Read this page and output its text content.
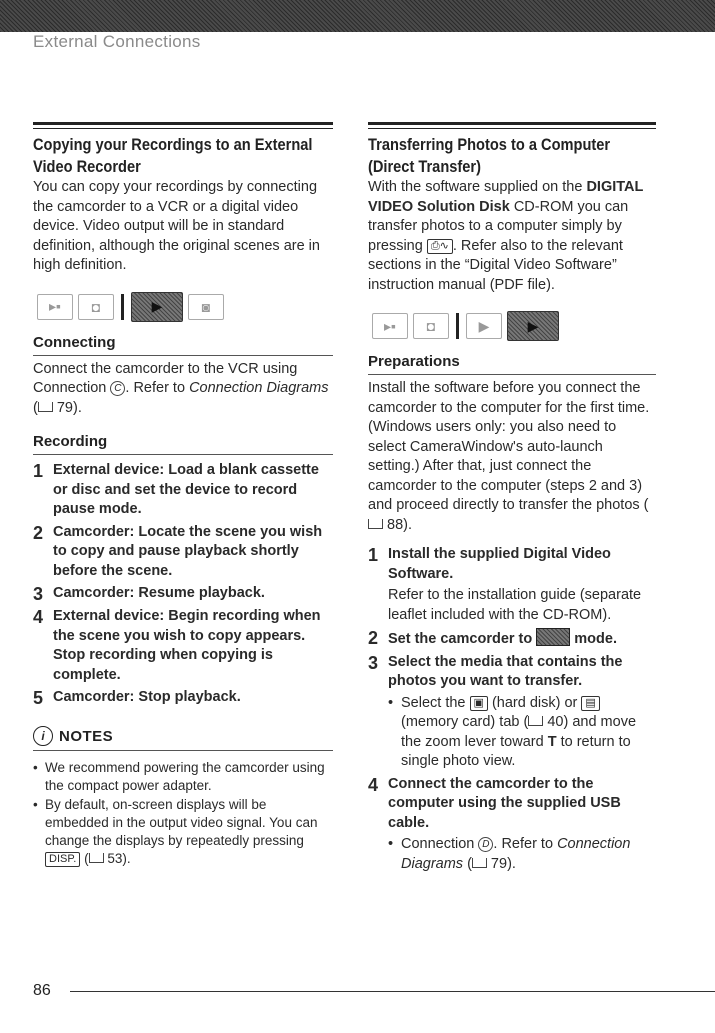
External Connections
Copying your Recordings to an External
Video Recorder

You can copy your recordings by connecting the camcorder to a VCR or a digital video device. Video output will be in standard definition, although the original scenes are in high definition.

▸▪	◘	▶	◙
Connecting

Connect the camcorder to the VCR using Connection C . Refer to Connection Diagrams ( 79).

Recording
1 External device: Load a blank cassette or disc and set the device to record pause mode.
2 Camcorder: Locate the scene you wish to copy and pause playback shortly before the scene.
3 Camcorder: Resume playback.
4 External device: Begin recording when the scene you wish to copy appears. Stop recording when copying is complete.
5 Camcorder: Stop playback.
i NOTES
• We recommend powering the camcorder using the compact power adapter.
• By default, on-screen displays will be embedded in the output video signal. You can change the displays by repeatedly pressing DISP. ( 53).
Transferring Photos to a Computer
(Direct Transfer)

With the software supplied on the DIGITAL VIDEO Solution Disk CD-ROM you can transfer photos to a computer simply by pressing ⎙∿ . Refer also to the relevant sections in the “Digital Video Software” instruction manual (PDF file).

▸▪	◘	▶	▶
Preparations

Install the software before you connect the camcorder to the computer for the first time. (Windows users only: you also need to select CameraWindow's auto-launch setting.) After that, just connect the camcorder to the computer (steps 2 and 3) and proceed directly to transfer the photos ( 88).

1 Install the supplied Digital Video Software.
Refer to the installation guide (separate leaflet included with the CD-ROM).
2 Set the camcorder to  mode.
3 Select the media that contains the photos you want to transfer.
• Select the ▣ (hard disk) or ▤ (memory card) tab ( 40) and move the zoom lever toward T to return to single photo view.
4 Connect the camcorder to the computer using the supplied USB cable.
• Connection D . Refer to Connection Diagrams ( 79).
86
